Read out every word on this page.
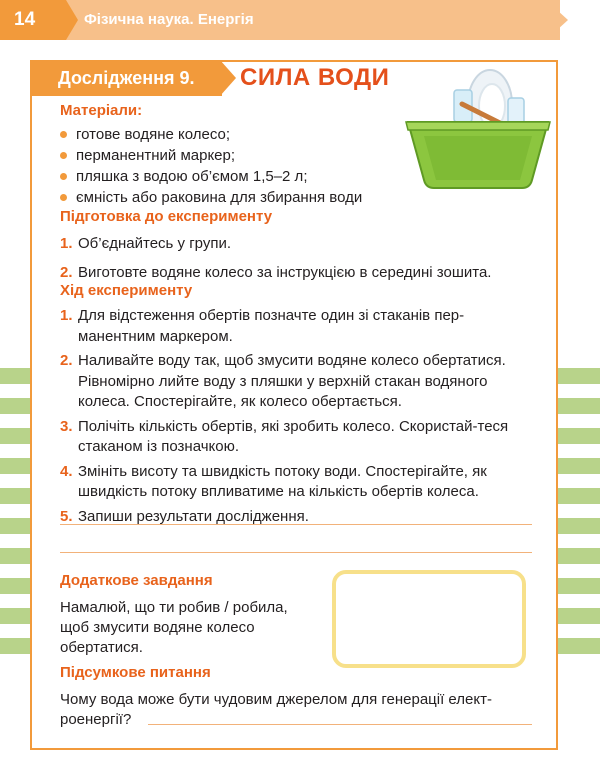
14	Фізична наука. Енергія
Дослідження 9.	СИЛА ВОДИ
Матеріали:
готове водяне колесо;
перманентний маркер;
пляшка з водою об’ємом 1,5–2 л;
ємність або раковина для збирання води
Підготовка до експерименту
1. Об’єднайтесь у групи.
2. Виготовте водяне колесо за інструкцією в середині зошита.
Хід експерименту
1. Для відстеження обертів позначте один зі стаканів пер-манентним маркером.
2. Наливайте воду так, щоб змусити водяне колесо обертатися. Рівномірно лийте воду з пляшки у верхній стакан водяного колеса. Спостерігайте, як колесо обертається.
3. Полічіть кількість обертів, які зробить колесо. Скористай-теся стаканом із позначкою.
4. Змініть висоту та швидкість потоку води. Спостерігайте, як швидкість потоку впливатиме на кількість обертів колеса.
5. Запиши результати дослідження.
Додаткове завдання
Намалюй, що ти робив / робила, щоб змусити водяне колесо обертатися.
Підсумкове питання
Чому вода може бути чудовим джерелом для генерації елект-
роенергії?
